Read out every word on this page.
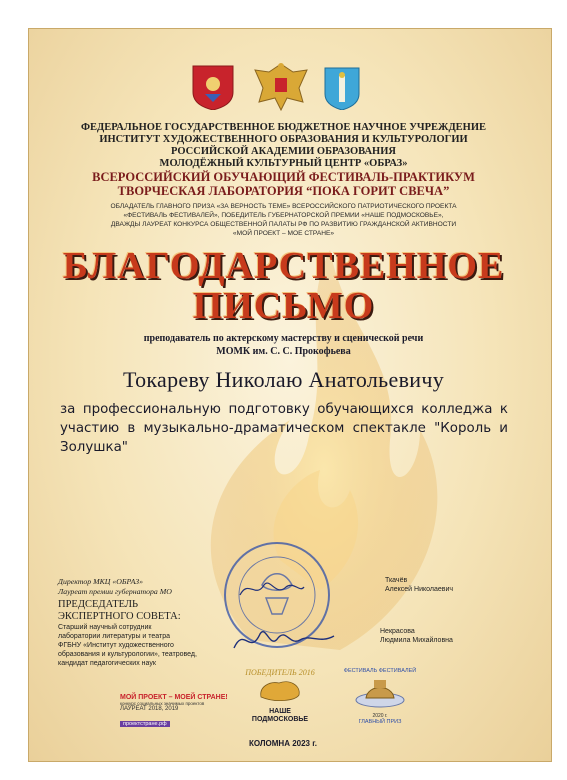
ФЕДЕРАЛЬНОЕ ГОСУДАРСТВЕННОЕ БЮДЖЕТНОЕ НАУЧНОЕ УЧРЕЖДЕНИЕ
ИНСТИТУТ ХУДОЖЕСТВЕННОГО ОБРАЗОВАНИЯ И КУЛЬТУРОЛОГИИ
РОССИЙСКОЙ АКАДЕМИИ ОБРАЗОВАНИЯ
МОЛОДЁЖНЫЙ КУЛЬТУРНЫЙ ЦЕНТР «ОБРАЗ»
ВСЕРОССИЙСКИЙ ОБУЧАЮЩИЙ ФЕСТИВАЛЬ-ПРАКТИКУМ
ТВОРЧЕСКАЯ ЛАБОРАТОРИЯ “ПОКА ГОРИТ СВЕЧА”
ОБЛАДАТЕЛЬ ГЛАВНОГО ПРИЗА «ЗА ВЕРНОСТЬ ТЕМЕ» ВСЕРОССИЙСКОГО ПАТРИОТИЧЕСКОГО ПРОЕКТА
«ФЕСТИВАЛЬ ФЕСТИВАЛЕЙ», ПОБЕДИТЕЛЬ ГУБЕРНАТОРСКОЙ ПРЕМИИ «НАШЕ ПОДМОСКОВЬЕ»,
ДВАЖДЫ ЛАУРЕАТ КОНКУРСА ОБЩЕСТВЕННОЙ ПАЛАТЫ РФ ПО РАЗВИТИЮ ГРАЖДАНСКОЙ АКТИВНОСТИ
«МОЙ ПРОЕКТ – МОЕ СТРАНЕ»
БЛАГОДАРСТВЕННОЕ
ПИСЬМО
преподаватель по актерскому мастерству и сценической речи
МОМК им. С. С. Прокофьева
Токареву Николаю Анатольевичу
за профессиональную подготовку обучающихся колледжа к участию в музыкально-драматическом спектакле "Король и Золушка"
Директор МКЦ «ОБРАЗ»
Лауреат премии губернатора МО
Ткачёв
Алексей Николаевич
ПРЕДСЕДАТЕЛЬ
ЭКСПЕРТНОГО СОВЕТА:
Старший научный сотрудник
лаборатории литературы и театра
ФГБНУ «Институт художественного
образования и культурологии», театровед,
кандидат педагогических наук
Некрасова
Людмила Михайловна
МОЙ ПРОЕКТ – МОЕЙ СТРАНЕ!
конкурс социальных значимых проектов
ЛАУРЕАТ 2018, 2019
проектстране.рф
ПОБЕДИТЕЛЬ 2016
НАШЕ
ПОДМОСКОВЬЕ
ФЕСТИВАЛЬ ФЕСТИВАЛЕЙ
2020 г.
ГЛАВНЫЙ ПРИЗ
КОЛОМНА 2023 г.
